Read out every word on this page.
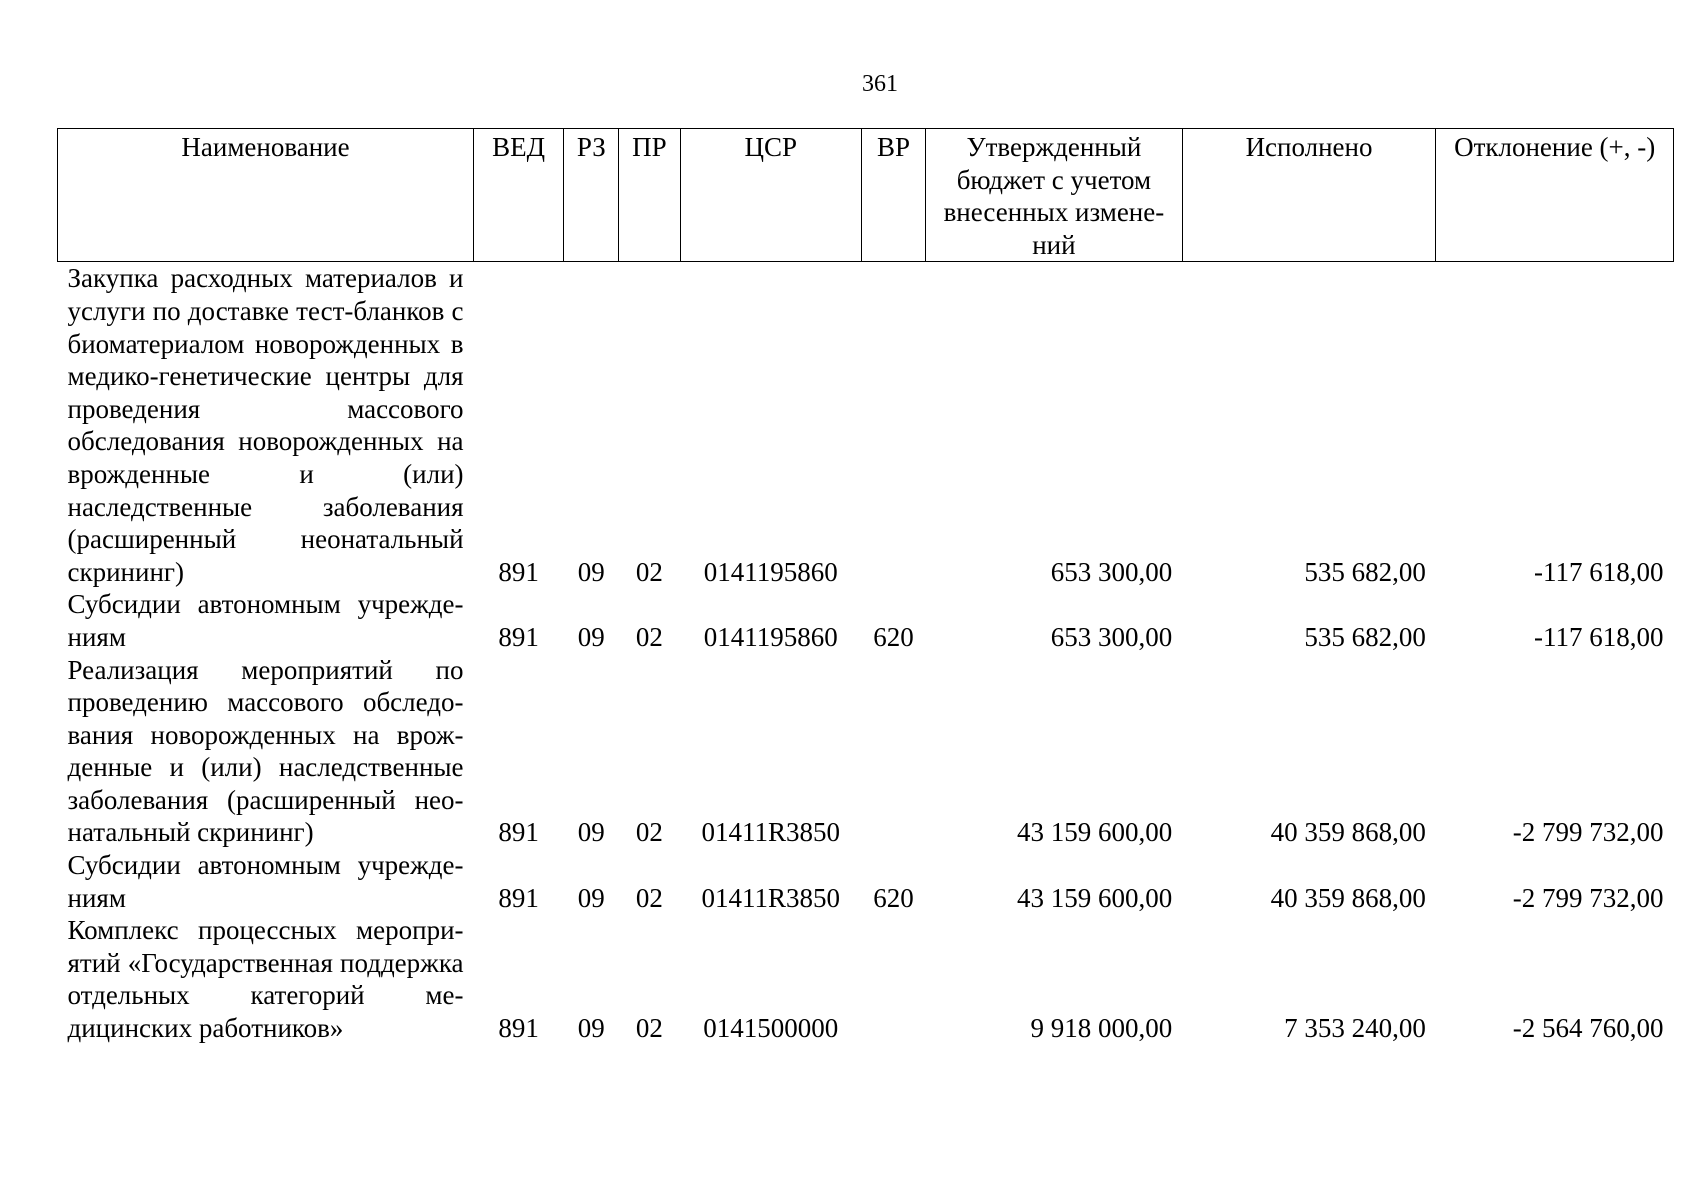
361
Наименование	ВЕД	РЗ	ПР	ЦСР	ВР	Утвержденный бюджет с учетом внесенных измене-ний	Исполнено	Отклонение (+, -)
Закупка расходных материалов и услуги по доставке тест-бланков с биоматериалом новорожденных в медико-генетические центры для проведения массового обследования новорожденных на врожденные и (или) наследственные заболевания (расширенный неонатальный скрининг)	891	09	02	0141195860		653 300,00	535 682,00	-117 618,00
Субсидии автономным учреждениям	891	09	02	0141195860	620	653 300,00	535 682,00	-117 618,00
Реализация мероприятий по проведению массового обследования новорожденных на врожденные и (или) наследственные заболевания (расширенный неонатальный скрининг)	891	09	02	01411R3850		43 159 600,00	40 359 868,00	-2 799 732,00
Субсидии автономным учреждениям	891	09	02	01411R3850	620	43 159 600,00	40 359 868,00	-2 799 732,00
Комплекс процессных мероприятий «Государственная поддержка отдельных категорий медицинских работников»	891	09	02	0141500000		9 918 000,00	7 353 240,00	-2 564 760,00
